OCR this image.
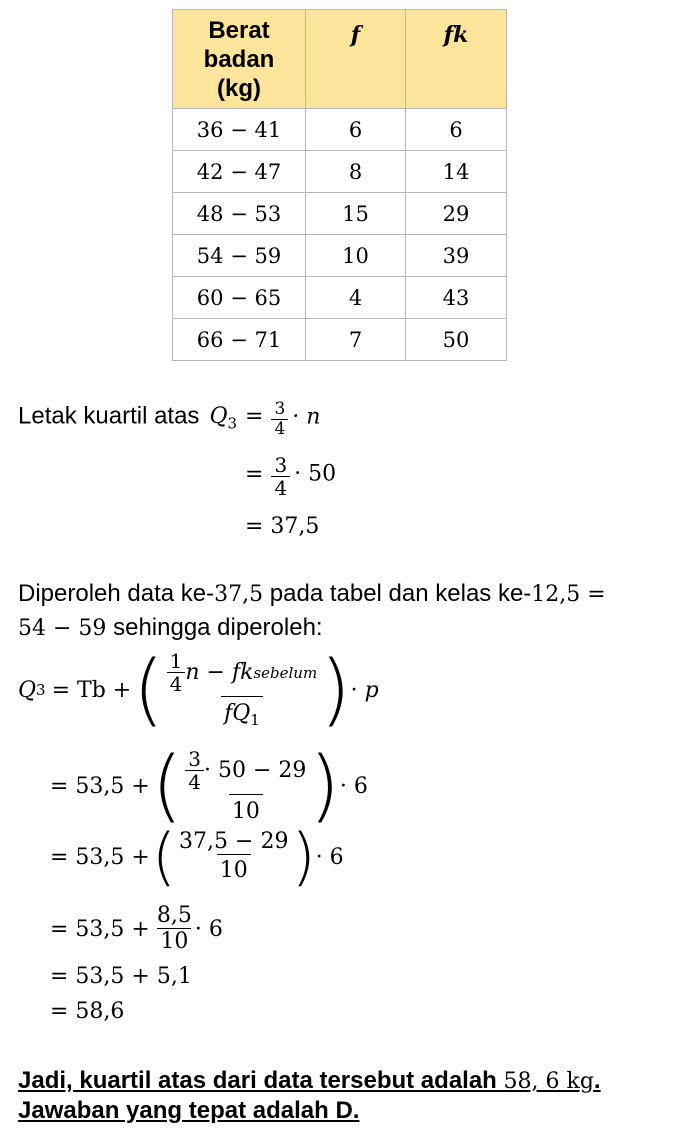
Berat
badan
(kg)	f	fk

36 − 41	6	6
42 − 47	8	14
48 − 53	15	29
54 − 59	10	39
60 − 65	4	43
66 − 71	7	50
Letak kuartil atas $Q3 = \frac{3}{4} \cdot n$
= $\frac{3}{4} \cdot 50$
= 37,5
Diperoleh data ke-37,5 pada tabel dan kelas ke-12,5 =
54 − 59 sehingga diperoleh:
Q 3 = Tb + ( $\frac{\frac{1}{4} n - fk sebelum}{fQ_1}$ ) · p
= 53,5 + ( $\frac{\frac{3}{4} \cdot 50 - 29}{10}$ ) · 6
= 53,5 + ( $\frac{37,5 - 29}{10}$ ) · 6
= $53,5 + \frac{8,5}{10} \cdot 6$
= 53,5 + 5,1
= 58,6
Jadi, kuartil atas dari data tersebut adalah 58, 6 kg.
Jawaban yang tepat adalah D.
